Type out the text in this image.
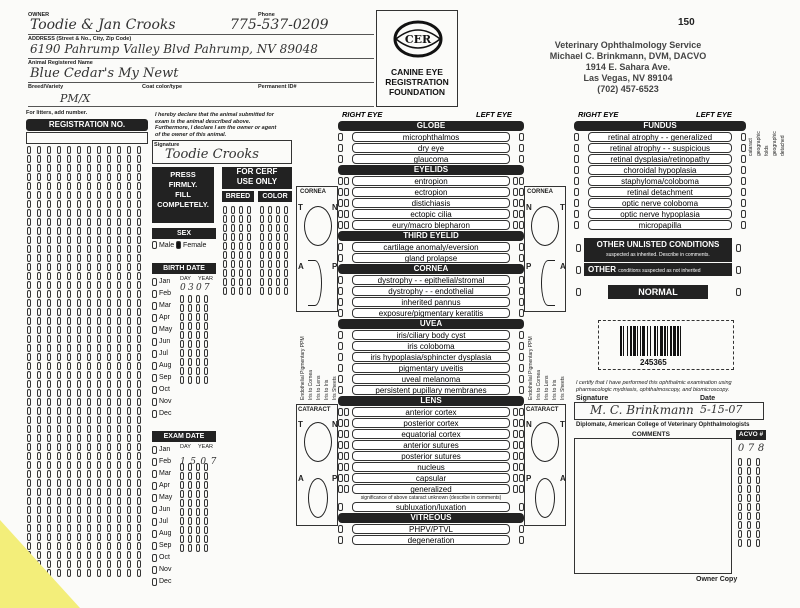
OWNER	Phone
Toodie & Jan Crooks	775-537-0209
ADDRESS (Street & No., City, Zip Code)
6190 Pahrump Valley Blvd Pahrump, NV 89048
Animal Registered Name
Blue Cedar's My Newt
Breed/Variety	Coat color/type	Permanent ID#
PM/X
CER
CANINE EYE
REGISTRATION
FOUNDATION
150
Veterinary Ophthalmology Service
Michael C. Brinkmann, DVM, DACVO
1914 E. Sahara Ave.
Las Vegas, NV 89104
(702) 457-6523
For litters, add number.
REGISTRATION NO.
I hereby declare that the animal submitted for exam is the animal described above. Furthermore, I declare I am the owner or agent of the owner of this animal.
Signature
Toodie Crooks
PRESS
FIRMLY.
FILL
COMPLETELY.
FOR CERF
USE ONLY
BREED	COLOR
SEX
Male Female
BIRTH DATE
Jan
Feb
Mar
Apr
May
Jun
Jul
Aug
Sep
Oct
Nov
Dec
DAY YEAR
0 3 0 7
EXAM DATE
Jan
Feb
Mar
Apr
May
Jun
Jul
Aug
Sep
Oct
Nov
Dec
DAY YEAR
1 5 0 7
RIGHT EYE	LEFT EYE
GLOBE
microphthalmos
dry eye
glaucoma
EYELIDS
entropion
ectropion
distichiasis
ectopic cilia
eury/macro blepharon
THIRD EYELID
cartilage anomaly/eversion
gland prolapse
CORNEA
dystrophy - - epithelial/stromal
dystrophy - - endothelial
inherited pannus
exposure/pigmentary keratitis
UVEA
iris/ciliary body cyst
iris coloboma
iris hypoplasia/sphincter dysplasia
pigmentary uveitis
uveal melanoma
persistent pupillary membranes
LENS
anterior cortex
posterior cortex
equatorial cortex
anterior sutures
posterior sutures
nucleus
capsular
generalized
significance of above cataract unknown (describe in comments)
subluxation/luxation
VITREOUS
PHPV/PTVL
degeneration
CORNEA
T	N
A	P
CORNEA
N	T
P	A
CATARACT
T	N
A	P
CATARACT
N	T
P	A
Endothelial Pigmentary PPM Iris to Cornea Iris to Lens Iris to Iris Iris Sheets	Endothelial Pigmentary PPM Iris to Cornea Iris to Lens Iris to Iris Iris Sheets
RIGHT EYE	LEFT EYE
FUNDUS
retinal atrophy - - generalized
retinal atrophy - - suspicious
retinal dysplasia/retinopathy
choroidal hypoplasia
staphyloma/coloboma
retinal detachment
optic nerve coloboma
optic nerve hypoplasia
micropapilla
cataract geographic folds geographic detached
OTHER UNLISTED CONDITIONS
suspected as inherited. Describe in comments.
OTHER conditions suspected as not inherited
NORMAL
245365
I certify that I have performed this ophthalmic examination using pharmacologic mydriasis, ophthalmoscopy, and biomicroscopy.
Signature	Date
M. C. Brinkmann 5-15-07
Diplomate, American College of Veterinary Ophthalmologists
COMMENTS	ACVO #
0 7 8
Owner Copy
